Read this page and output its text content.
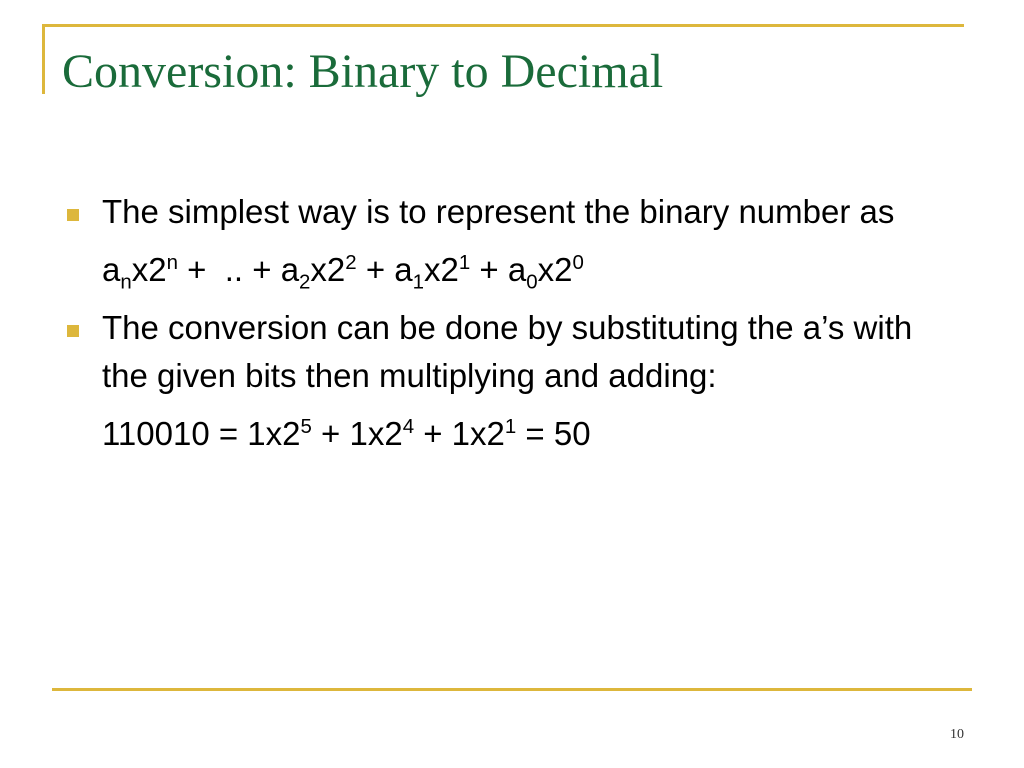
Conversion: Binary to Decimal
The simplest way is to represent the binary number as
$a_nx2^n$ +  .. + $a_2x2^2 + a_1x2^1 + a_0x2^0$
The conversion can be done by substituting the a’s with the given bits then multiplying and adding:
$110010 = 1x2^5 + 1x2^4 + 1x2^1 = 50$
10
